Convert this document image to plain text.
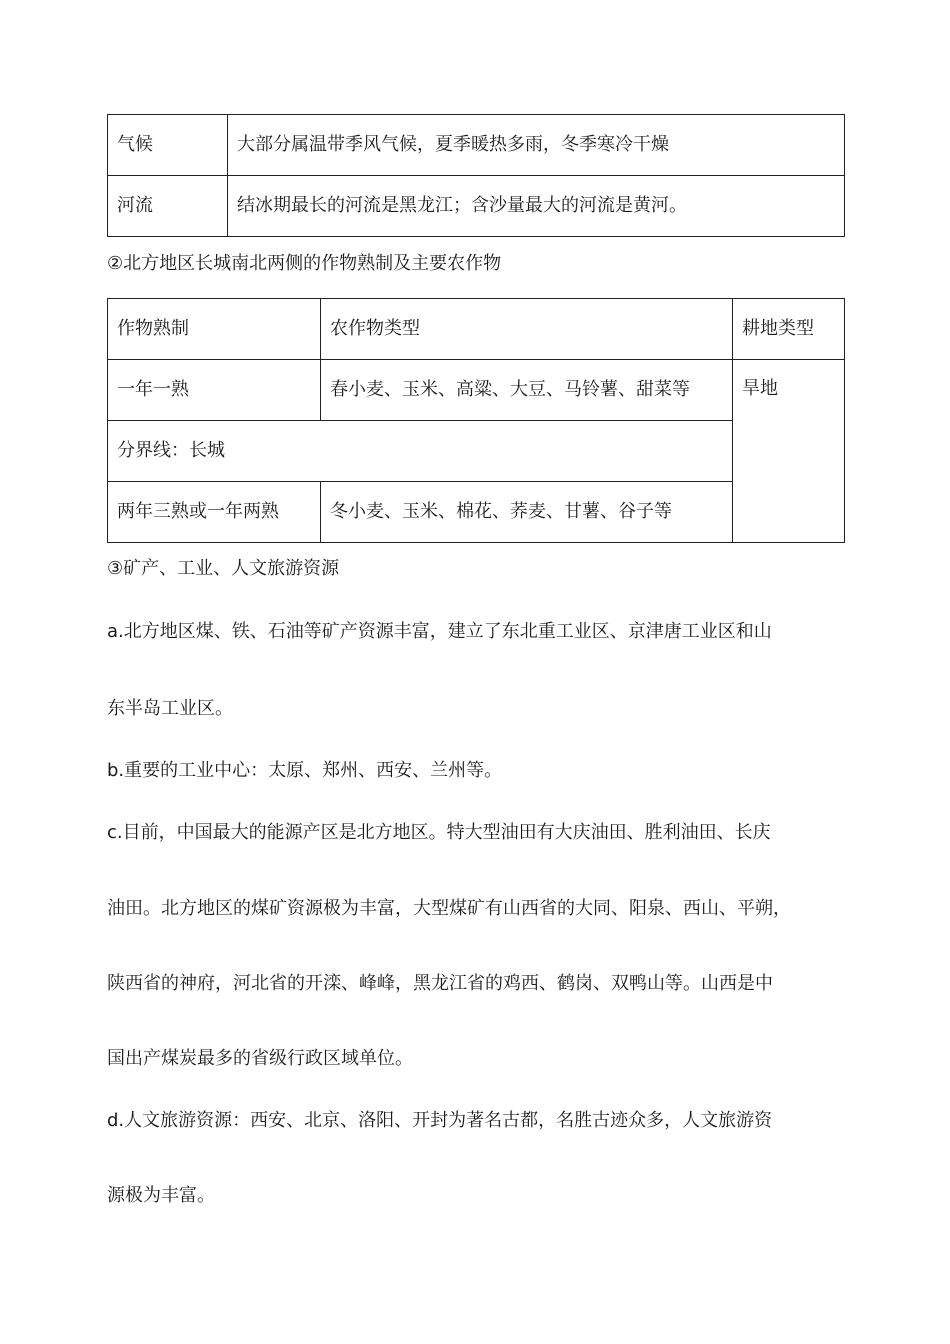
气候	大部分属温带季风气候，夏季暖热多雨，冬季寒冷干燥
河流	结冰期最长的河流是黑龙江；含沙量最大的河流是黄河。

②北方地区长城南北两侧的作物熟制及主要农作物

作物熟制	农作物类型	耕地类型
一年一熟	春小麦、玉米、高粱、大豆、马铃薯、甜菜等	旱地
分界线：长城		
两年三熟或一年两熟	冬小麦、玉米、棉花、荞麦、甘薯、谷子等	

③矿产、工业、人文旅游资源

a.北方地区煤、铁、石油等矿产资源丰富，建立了东北重工业区、京津唐工业区和山

东半岛工业区。

b.重要的工业中心：太原、郑州、西安、兰州等。

c.目前，中国最大的能源产区是北方地区。特大型油田有大庆油田、胜利油田、长庆

油田。北方地区的煤矿资源极为丰富，大型煤矿有山西省的大同、阳泉、西山、平朔，

陕西省的神府，河北省的开滦、峰峰，黑龙江省的鸡西、鹤岗、双鸭山等。山西是中

国出产煤炭最多的省级行政区域单位。

d.人文旅游资源：西安、北京、洛阳、开封为著名古都，名胜古迹众多，人文旅游资

源极为丰富。
